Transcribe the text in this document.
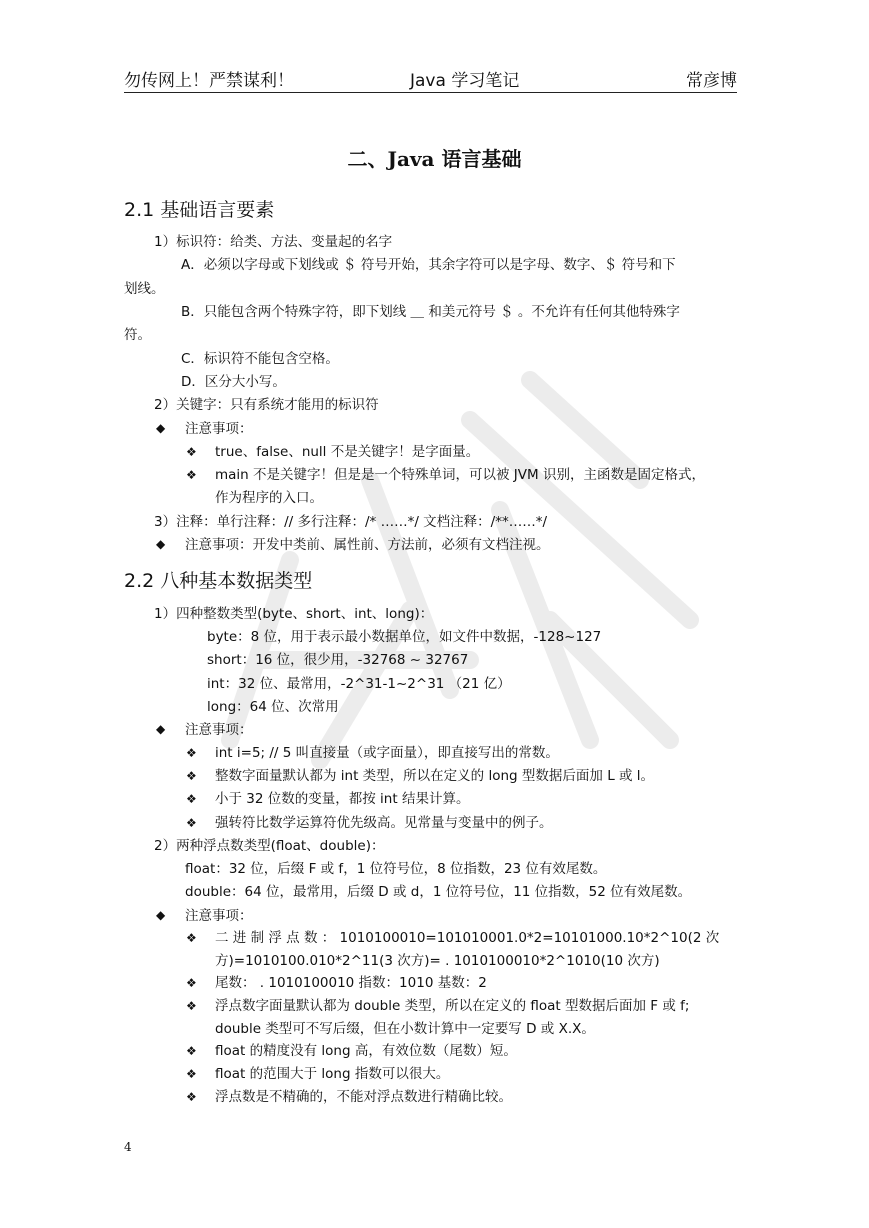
勿传网上！严禁谋利！	Java 学习笔记	常彦博
二、Java 语言基础
2.1 基础语言要素
1）标识符：给类、方法、变量起的名字
A．必须以字母或下划线或 ＄ 符号开始，其余字符可以是字母、数字、＄ 符号和下
划线。
B．只能包含两个特殊字符，即下划线 ＿ 和美元符号 ＄ 。不允许有任何其他特殊字
符。
C．标识符不能包含空格。
D．区分大小写。
2）关键字：只有系统才能用的标识符
◆ 注意事项：
❖ true、false、null 不是关键字！是字面量。
❖ main 不是关键字！但是是一个特殊单词，可以被 JVM 识别，主函数是固定格式，
作为程序的入口。
3）注释：单行注释：// 多行注释：/* ……*/ 文档注释：/**……*/
◆ 注意事项：开发中类前、属性前、方法前，必须有文档注视。
2.2 八种基本数据类型
1）四种整数类型(byte、short、int、long)：
byte：8 位，用于表示最小数据单位，如文件中数据，-128~127
short：16 位，很少用，-32768 ~ 32767
int：32 位、最常用，-2^31-1~2^31 （21 亿）
long：64 位、次常用
◆ 注意事项：
❖ int i=5; // 5 叫直接量（或字面量），即直接写出的常数。
❖ 整数字面量默认都为 int 类型，所以在定义的 long 型数据后面加 L 或 l。
❖ 小于 32 位数的变量，都按 int 结果计算。
❖ 强转符比数学运算符优先级高。见常量与变量中的例子。
2）两种浮点数类型(float、double)：
float：32 位，后缀 F 或 f，1 位符号位，8 位指数，23 位有效尾数。
double：64 位，最常用，后缀 D 或 d，1 位符号位，11 位指数，52 位有效尾数。
◆ 注意事项：
❖ 二 进 制 浮 点 数 ： 1010100010=101010001.0*2=10101000.10*2^10(2 次
方)=1010100.010*2^11(3 次方)= . 1010100010*2^1010(10 次方)
❖ 尾数： . 1010100010 指数：1010 基数：2
❖ 浮点数字面量默认都为 double 类型，所以在定义的 float 型数据后面加 F 或 f;
double 类型可不写后缀，但在小数计算中一定要写 D 或 X.X。
❖ float 的精度没有 long 高，有效位数（尾数）短。
❖ float 的范围大于 long 指数可以很大。
❖ 浮点数是不精确的，不能对浮点数进行精确比较。
4
